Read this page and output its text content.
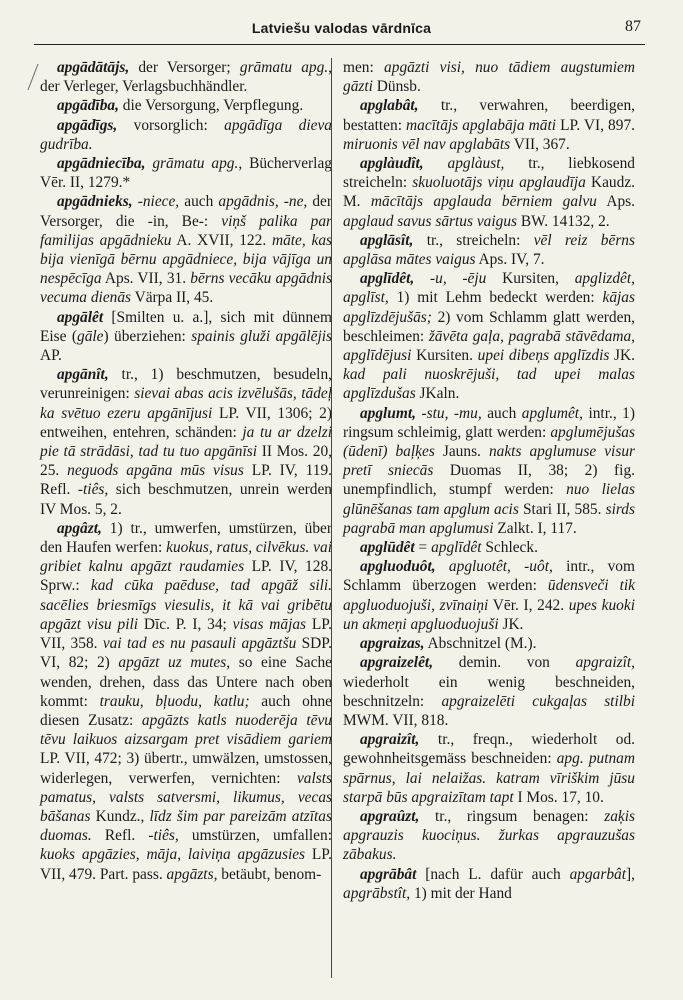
Latviešu valodas vārdnīca	87

apgādātājs, der Versorger; grāmatu apg., der Verleger, Verlagsbuchhändler.

apgādība, die Versorgung, Verpflegung.

apgādīgs, vorsorglich: apgādīga dieva gudrība.

apgādniecība, grāmatu apg., Bücherverlag Vēr. II, 1279.*

apgādnieks, -niece, auch apgādnis, -ne, der Versorger, die -in, Be-: viņš palika par familijas apgādnieku A. XVII, 122. māte, kas bija vienīgā bērnu apgādniece, bija vājīga un nespēcīga Aps. VII, 31. bērns vecāku apgādnis vecuma dienās Värpa II, 45.

apgālêt [Smilten u. a.], sich mit dünnem Eise (gāle) überziehen: spainis gluži apgālējis AP.

apgānît, tr., 1) beschmutzen, besudeln, verunreinigen: sievai abas acis izvēlušās, tādeļ ka svētuo ezeru apgānījusi LP. VII, 1306; 2) entweihen, entehren, schänden: ja tu ar dzelzi pie tā strādāsi, tad tu tuo apgānīsi II Mos. 20, 25. neguods apgāna mūs visus LP. IV, 119. Refl. -tiês, sich beschmutzen, unrein werden IV Mos. 5, 2.

apgâzt, 1) tr., umwerfen, umstürzen, über den Haufen werfen: kuokus, ratus, cilvēkus. vai gribiet kalnu apgāzt raudamies LP. IV, 128. Sprw.: kad cūka paēduse, tad apgāž sili. sacēlies briesmīgs viesulis, it kā vai gribētu apgāzt visu pili Dīc. P. I, 34; visas mājas LP. VII, 358. vai tad es nu pasauli apgāztšu SDP. VI, 82; 2) apgāzt uz mutes, so eine Sache wenden, drehen, dass das Untere nach oben kommt: trauku, bļuodu, katlu; auch ohne diesen Zusatz: apgāzts katls nuoderēja tēvu tēvu laikuos aizsargam pret visādiem gariem LP. VII, 472; 3) übertr., umwälzen, umstossen, widerlegen, verwerfen, vernichten: valsts pamatus, valsts satversmi, likumus, vecas bāšanas Kundz., līdz šim par pareizām atzītas duomas. Refl. -tiês, umstürzen, umfallen: kuoks apgāzies, māja, laiviņa apgāzusies LP. VII, 479. Part. pass. apgāzts, betäubt, benom-

men: apgāzti visi, nuo tādiem augstumiem gāzti Dünsb.

apglabât, tr., verwahren, beerdigen, bestatten: macītājs apglabāja māti LP. VI, 897. miruonis vēl nav apglabāts VII, 367.

apglàudît, apglàust, tr., liebkosend streicheln: skuoluotājs viņu apglaudīja Kaudz. M. mācītājs apglauda bērniem galvu Aps. apglaud savus sārtus vaigus BW. 14132, 2.

apglāsît, tr., streicheln: vēl reiz bērns apglāsa mātes vaigus Aps. IV, 7.

apglīdêt, -u, -ēju Kursiten, apglizdêt, apglīst, 1) mit Lehm bedeckt werden: kājas apglīzdējušās; 2) vom Schlamm glatt werden, beschleimen: žāvēta gaļa, pagrabā stāvēdama, apglīdējusi Kursiten. upei dibeņs apglīzdis JK. kad pali nuoskrējuši, tad upei malas apglīzdušas JKaln.

apglumt, -stu, -mu, auch apglumêt, intr., 1) ringsum schleimig, glatt werden: apglumējušas (ūdenī) baļķes Jauns. nakts apglumuse visur pretī sniecās Duomas II, 38; 2) fig. unempfindlich, stumpf werden: nuo lielas glūnēšanas tam apglum acis Stari II, 585. sirds pagrabā man apglumusi Zalkt. I, 117.

apglūdêt = apglīdêt Schleck.

apgluoduôt, apgluotêt, -uôt, intr., vom Schlamm überzogen werden: ūdensveči tik apgluoduojuši, zvīnaiņi Vēr. I, 242. upes kuoki un akmeņi apgluoduojuši JK.

apgraizas, Abschnitzel (M.).

apgraizelêt, demin. von apgraizît, wiederholt ein wenig beschneiden, beschnitzeln: apgraizelēti cukgaļas stilbi MWM. VII, 818.

apgraizît, tr., freqn., wiederholt od. gewohnheitsgemäss beschneiden: apg. putnam spārnus, lai nelaižas. katram vīriškim jūsu starpā būs apgraizītam tapt I Mos. 17, 10.

apgraûzt, tr., ringsum benagen: zaķis apgrauzis kuociņus. žurkas apgrauzušas zābakus.

apgrābât [nach L. dafür auch apgarbât], apgrābstît, 1) mit der Hand
